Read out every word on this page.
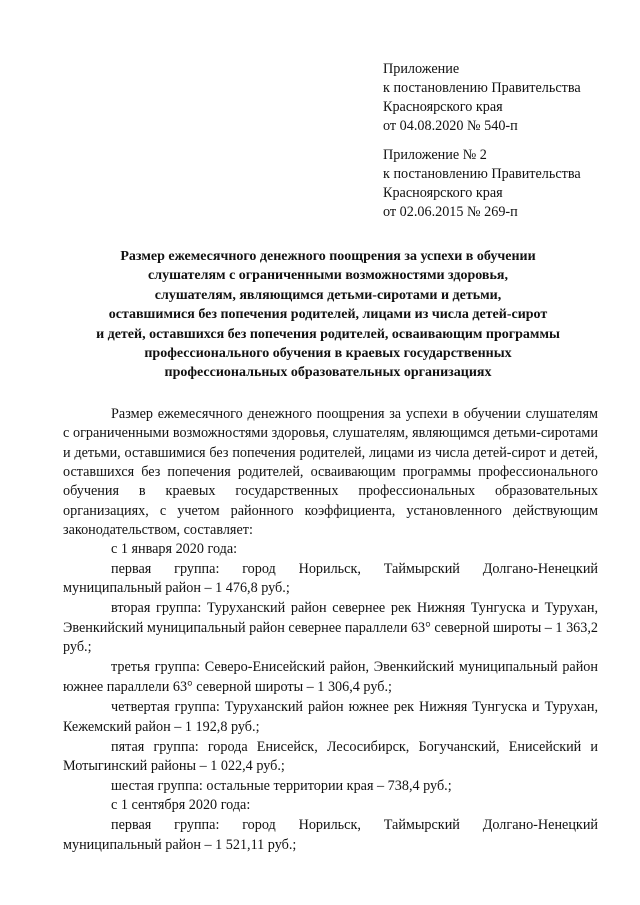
Приложение
к постановлению Правительства
Красноярского края
от 04.08.2020 № 540-п
Приложение № 2
к постановлению Правительства
Красноярского края
от 02.06.2015 № 269-п
Размер ежемесячного денежного поощрения за успехи в обучении
слушателям с ограниченными возможностями здоровья,
слушателям, являющимся детьми-сиротами и детьми,
оставшимися без попечения родителей, лицами из числа детей-сирот
и детей, оставшихся без попечения родителей, осваивающим программы
профессионального обучения в краевых государственных
профессиональных образовательных организациях

Размер ежемесячного денежного поощрения за успехи в обучении слушателям с ограниченными возможностями здоровья, слушателям, являющимся детьми-сиротами и детьми, оставшимися без попечения родителей, лицами из числа детей-сирот и детей, оставшихся без попечения родителей, осваивающим программы профессионального обучения в краевых государственных профессиональных образовательных организациях, с учетом районного коэффициента, установленного действующим законодательством, составляет:

с 1 января 2020 года:

первая группа: город Норильск, Таймырский Долгано-Ненецкий муниципальный район – 1 476,8 руб.;

вторая группа: Туруханский район севернее рек Нижняя Тунгуска и Турухан, Эвенкийский муниципальный район севернее параллели 63° северной широты – 1 363,2 руб.;

третья группа: Северо-Енисейский район, Эвенкийский муниципальный район южнее параллели 63° северной широты – 1 306,4 руб.;

четвертая группа: Туруханский район южнее рек Нижняя Тунгуска и Турухан, Кежемский район – 1 192,8 руб.;

пятая группа: города Енисейск, Лесосибирск, Богучанский, Енисейский и Мотыгинский районы – 1 022,4 руб.;

шестая группа: остальные территории края – 738,4 руб.;

с 1 сентября 2020 года:

первая группа: город Норильск, Таймырский Долгано-Ненецкий муниципальный район – 1 521,11 руб.;
